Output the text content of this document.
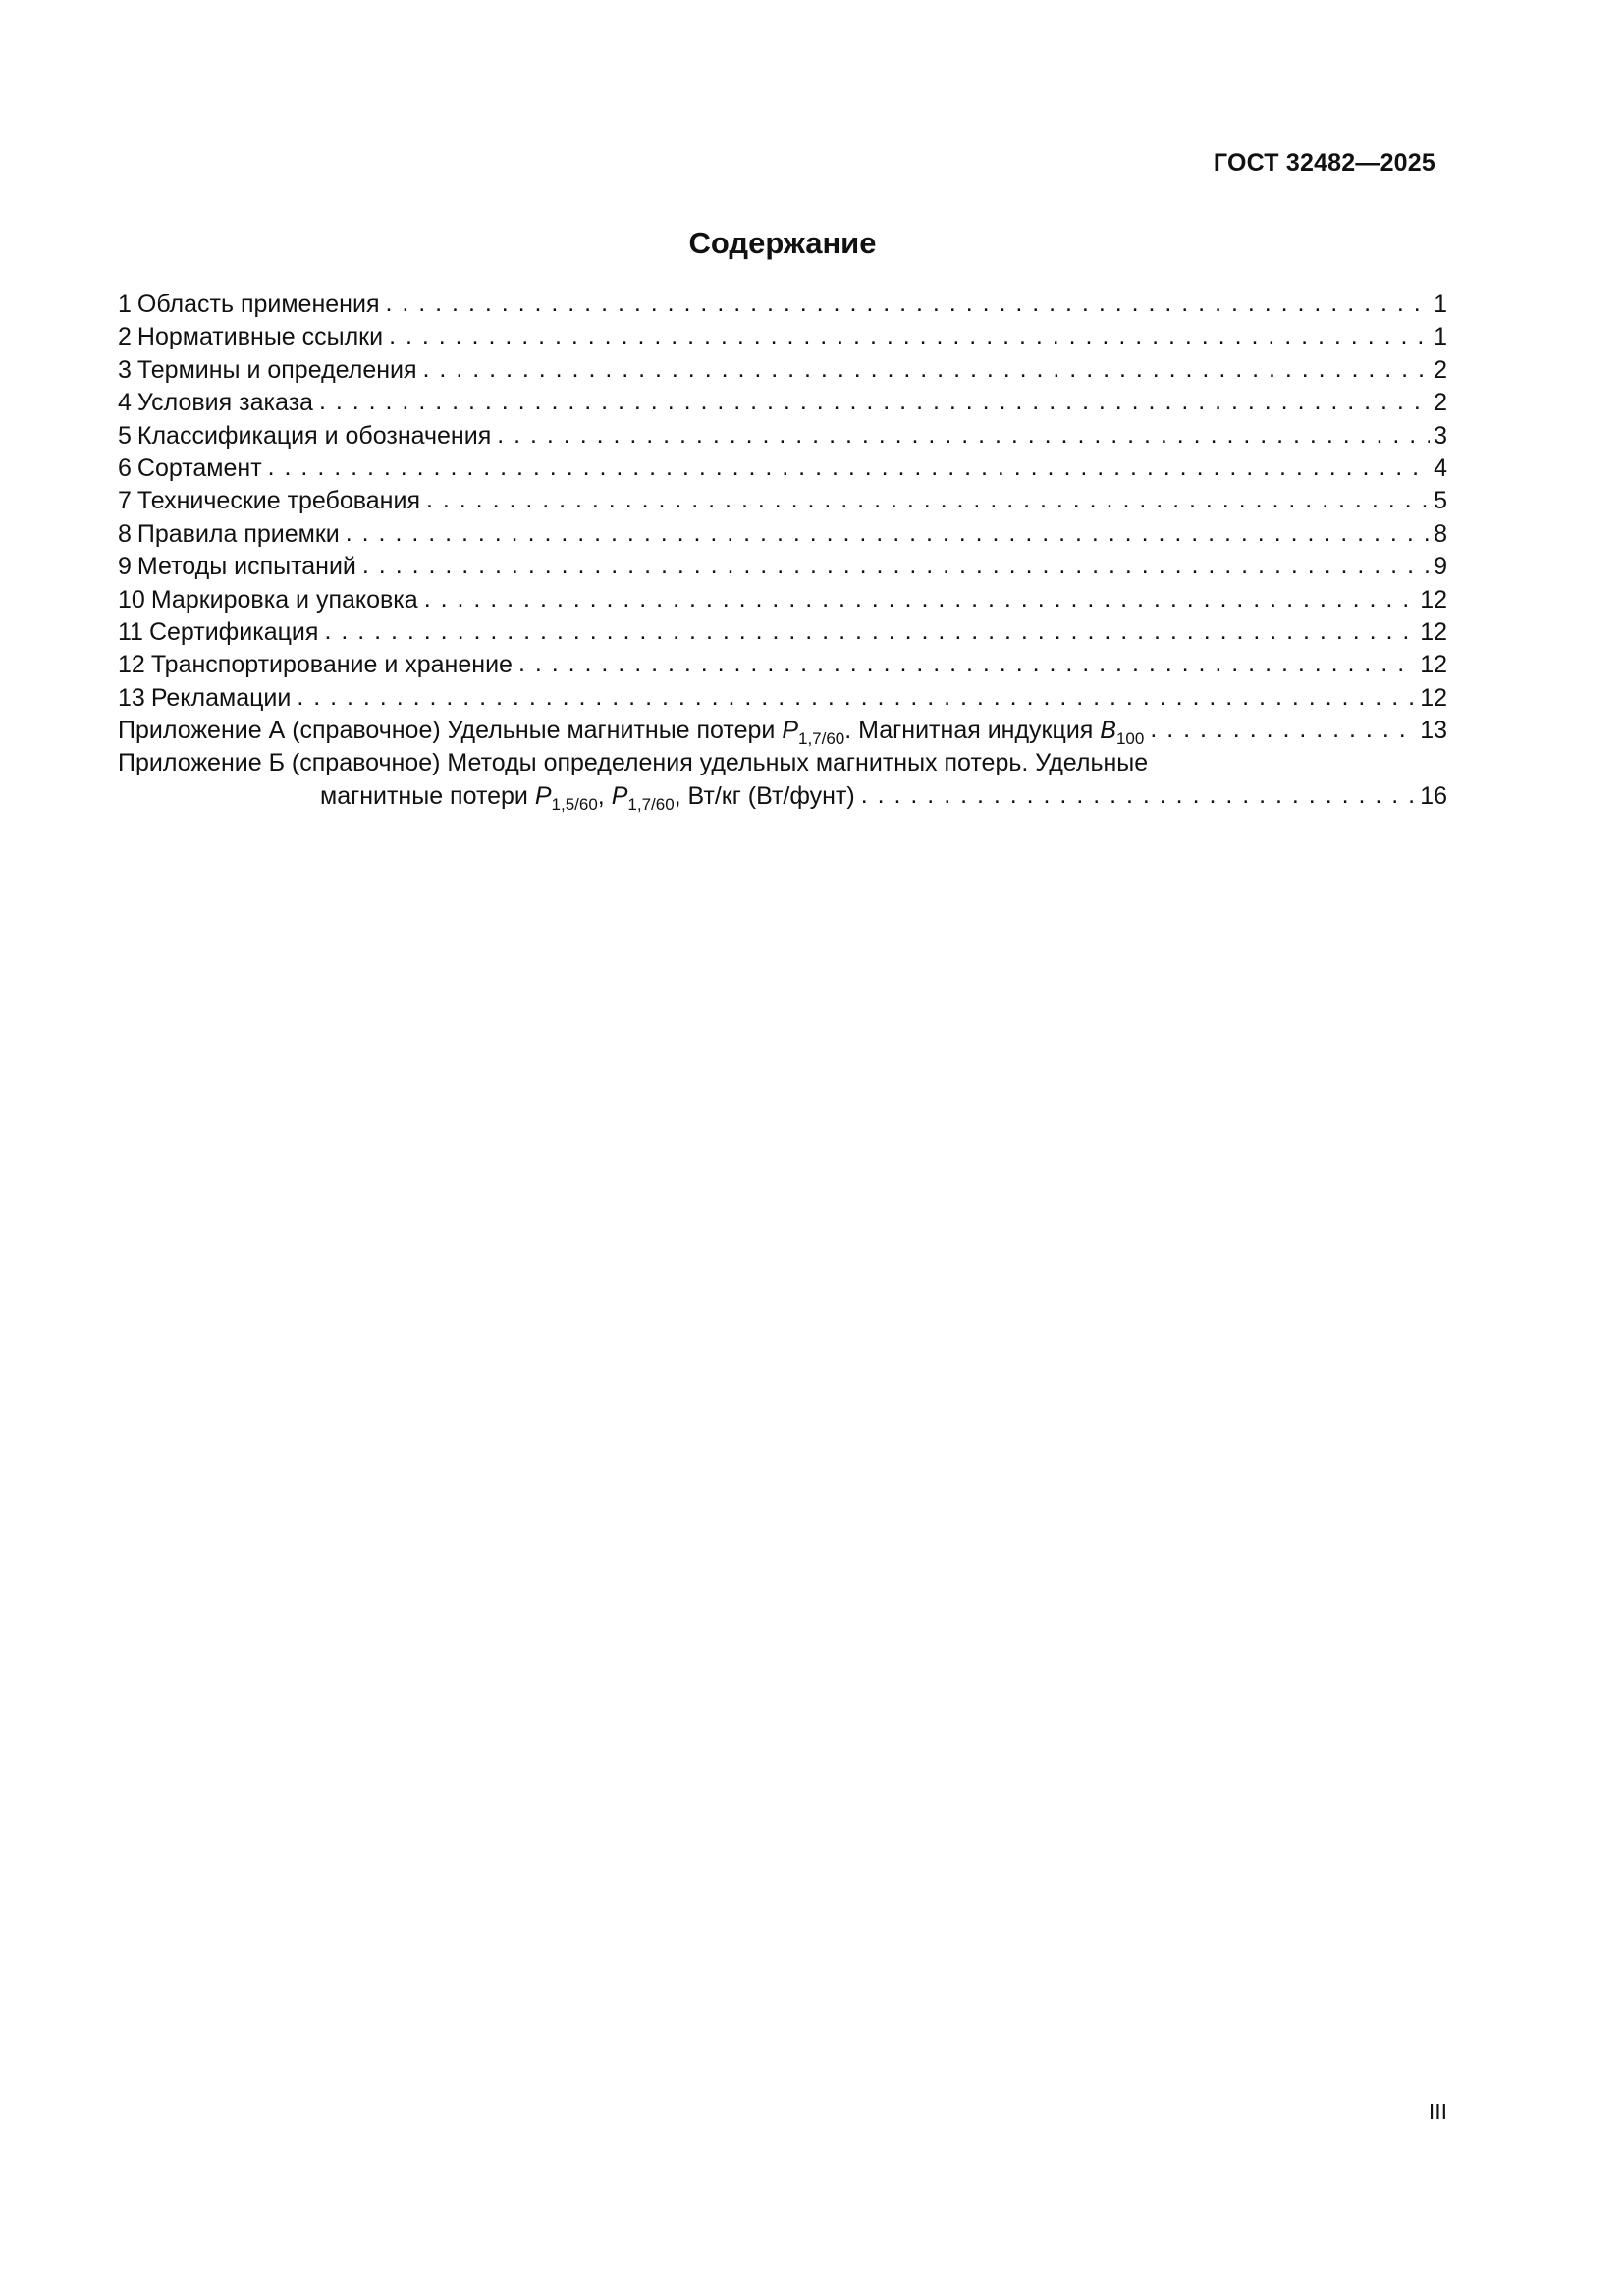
ГОСТ 32482—2025
Содержание
1 Область применения . . .	1
2 Нормативные ссылки . . .	1
3 Термины и определения . . .	2
4 Условия заказа . . .	2
5 Классификация и обозначения . . .	3
6 Сортамент . . .	4
7 Технические требования . . .	5
8 Правила приемки . . .	8
9 Методы испытаний . . .	9
10 Маркировка и упаковка . . .	12
11 Сертификация . . .	12
12 Транспортирование и хранение . . .	12
13 Рекламации . . .	12
Приложение А (справочное) Удельные магнитные потери $P_{1,7/60}$. Магнитная индукция $B_{100}$ . . .	13
Приложение Б (справочное) Методы определения удельных магнитных потерь. Удельные
магнитные потери $P_{1,5/60}$, $P_{1,7/60}$, Вт/кг (Вт/фунт) . . .	16
III
